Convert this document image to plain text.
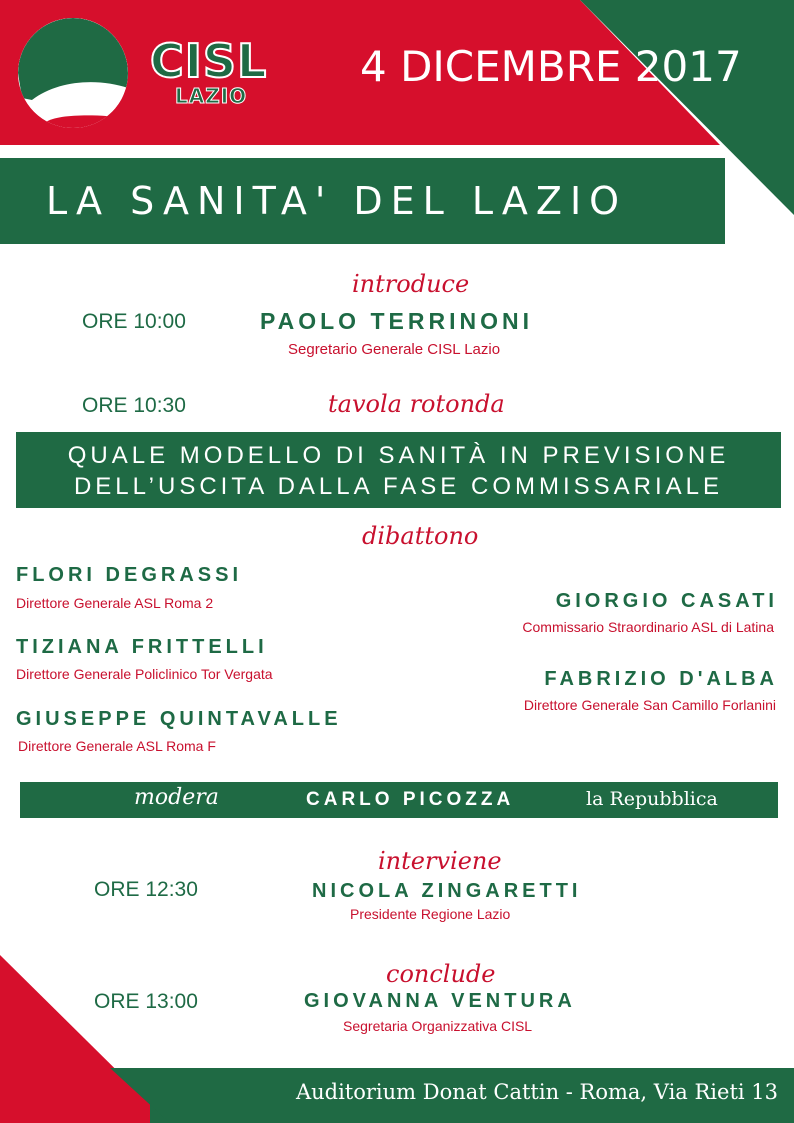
CISL
LAZIO
4 DICEMBRE 2017
LA SANITA' DEL LAZIO
introduce
ORE 10:00	PAOLO TERRINONI
Segretario Generale CISL Lazio
ORE 10:30	tavola rotonda
QUALE MODELLO DI SANITÀ IN PREVISIONE
DELL’USCITA DALLA FASE COMMISSARIALE
dibattono
FLORI DEGRASSI
Direttore Generale ASL Roma 2
TIZIANA FRITTELLI
Direttore Generale Policlinico Tor Vergata
GIUSEPPE QUINTAVALLE
Direttore Generale ASL Roma F
GIORGIO CASATI
Commissario Straordinario ASL di Latina
FABRIZIO D'ALBA
Direttore Generale San Camillo Forlanini
modera	CARLO PICOZZA	la Repubblica
interviene
ORE 12:30	NICOLA ZINGARETTI
Presidente Regione Lazio
conclude
ORE 13:00	GIOVANNA VENTURA
Segretaria Organizzativa CISL
Auditorium Donat Cattin - Roma, Via Rieti 13
